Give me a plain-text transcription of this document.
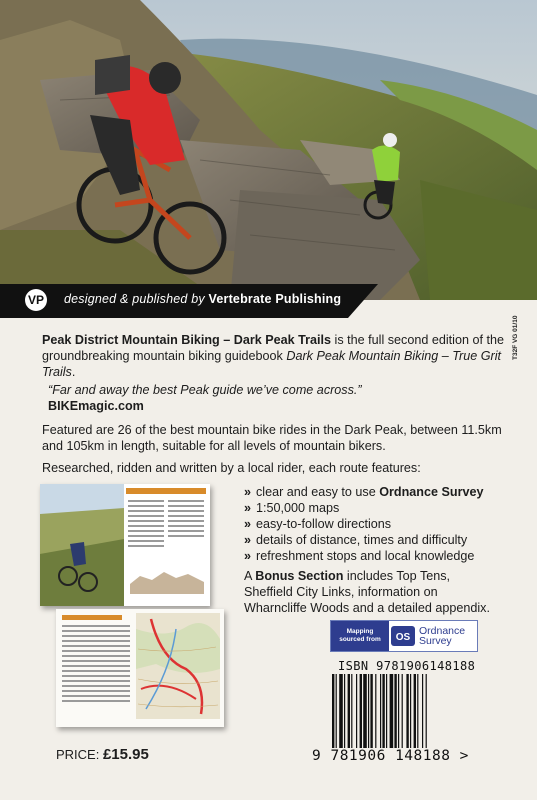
VP designed & published by Vertebrate Publishing
T32F VG 01/10

Peak District Mountain Biking – Dark Peak Trails is the full second edition of the groundbreaking mountain biking guidebook Dark Peak Mountain Biking – True Grit Trails.

“Far and away the best Peak guide we’ve come across.”
BIKEmagic.com

Featured are 26 of the best mountain bike rides in the Dark Peak, between 11.5km and 105km in length, suitable for all levels of mountain bikers.

Researched, ridden and written by a local rider, each route features:

» clear and easy to use Ordnance Survey
» 1:50,000 maps
» easy-to-follow directions
» details of distance, times and difficulty
» refreshment stops and local knowledge

A Bonus Section includes Top Tens, Sheffield City Links, information on Wharncliffe Woods and a detailed appendix.

Mapping
sourced from	OS
Ordnance
Survey
ISBN 9781906148188
9 781906 148188 >
PRICE: £15.95
